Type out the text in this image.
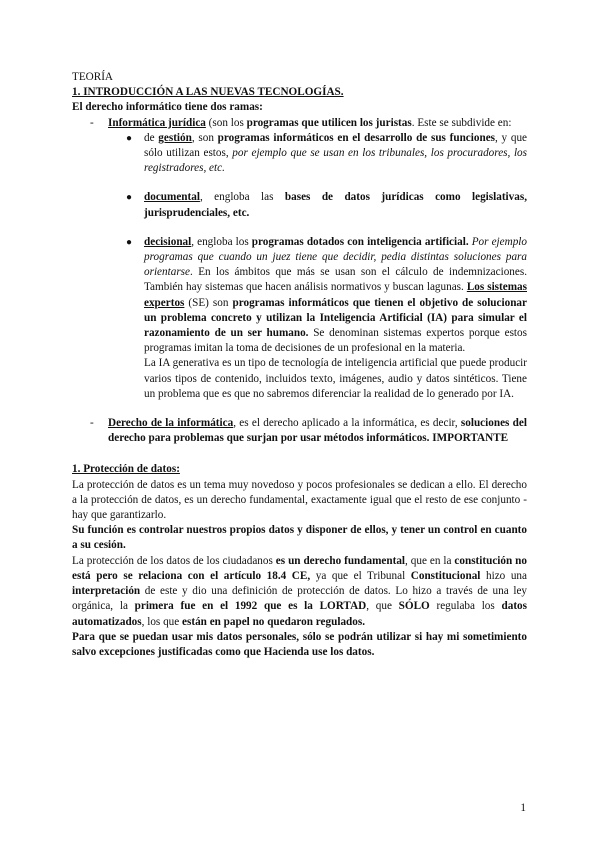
TEORÍA

1. INTRODUCCIÓN A LAS NUEVAS TECNOLOGÍAS.

El derecho informático tiene dos ramas:

-	Informática jurídica (son los programas que utilicen los juristas. Este se subdivide en:

●	de gestión, son programas informáticos en el desarrollo de sus funciones, y que sólo utilizan estos, por ejemplo que se usan en los tribunales, los procuradores, los registradores, etc.

●	documental, engloba las bases de datos jurídicas como legislativas, jurisprudenciales, etc.

●	decisional, engloba los programas dotados con inteligencia artificial. Por ejemplo programas que cuando un juez tiene que decidir, pedia distintas soluciones para orientarse. En los ámbitos que más se usan son el cálculo de indemnizaciones. También hay sistemas que hacen análisis normativos y buscan lagunas. Los sistemas expertos (SE) son programas informáticos que tienen el objetivo de solucionar un problema concreto y utilizan la Inteligencia Artificial (IA) para simular el razonamiento de un ser humano. Se denominan sistemas expertos porque estos programas imitan la toma de decisiones de un profesional en la materia.

La IA generativa es un tipo de tecnología de inteligencia artificial que puede producir varios tipos de contenido, incluidos texto, imágenes, audio y datos sintéticos. Tiene un problema que es que no sabremos diferenciar la realidad de lo generado por IA.

-	Derecho de la informática, es el derecho aplicado a la informática, es decir, soluciones del derecho para problemas que surjan por usar métodos informáticos. IMPORTANTE

1. Protección de datos:

La protección de datos es un tema muy novedoso y pocos profesionales se dedican a ello. El derecho a la protección de datos, es un derecho fundamental, exactamente igual que el resto de ese conjunto - hay que garantizarlo.

Su función es controlar nuestros propios datos y disponer de ellos, y tener un control en cuanto a su cesión.

La protección de los datos de los ciudadanos es un derecho fundamental, que en la constitución no está pero se relaciona con el artículo 18.4 CE, ya que el Tribunal Constitucional hizo una interpretación de este y dio una definición de protección de datos. Lo hizo a través de una ley orgánica, la primera fue en el 1992 que es la LORTAD, que SÓLO regulaba los datos automatizados, los que están en papel no quedaron regulados.

Para que se puedan usar mis datos personales, sólo se podrán utilizar si hay mi sometimiento salvo excepciones justificadas como que Hacienda use los datos.

1
